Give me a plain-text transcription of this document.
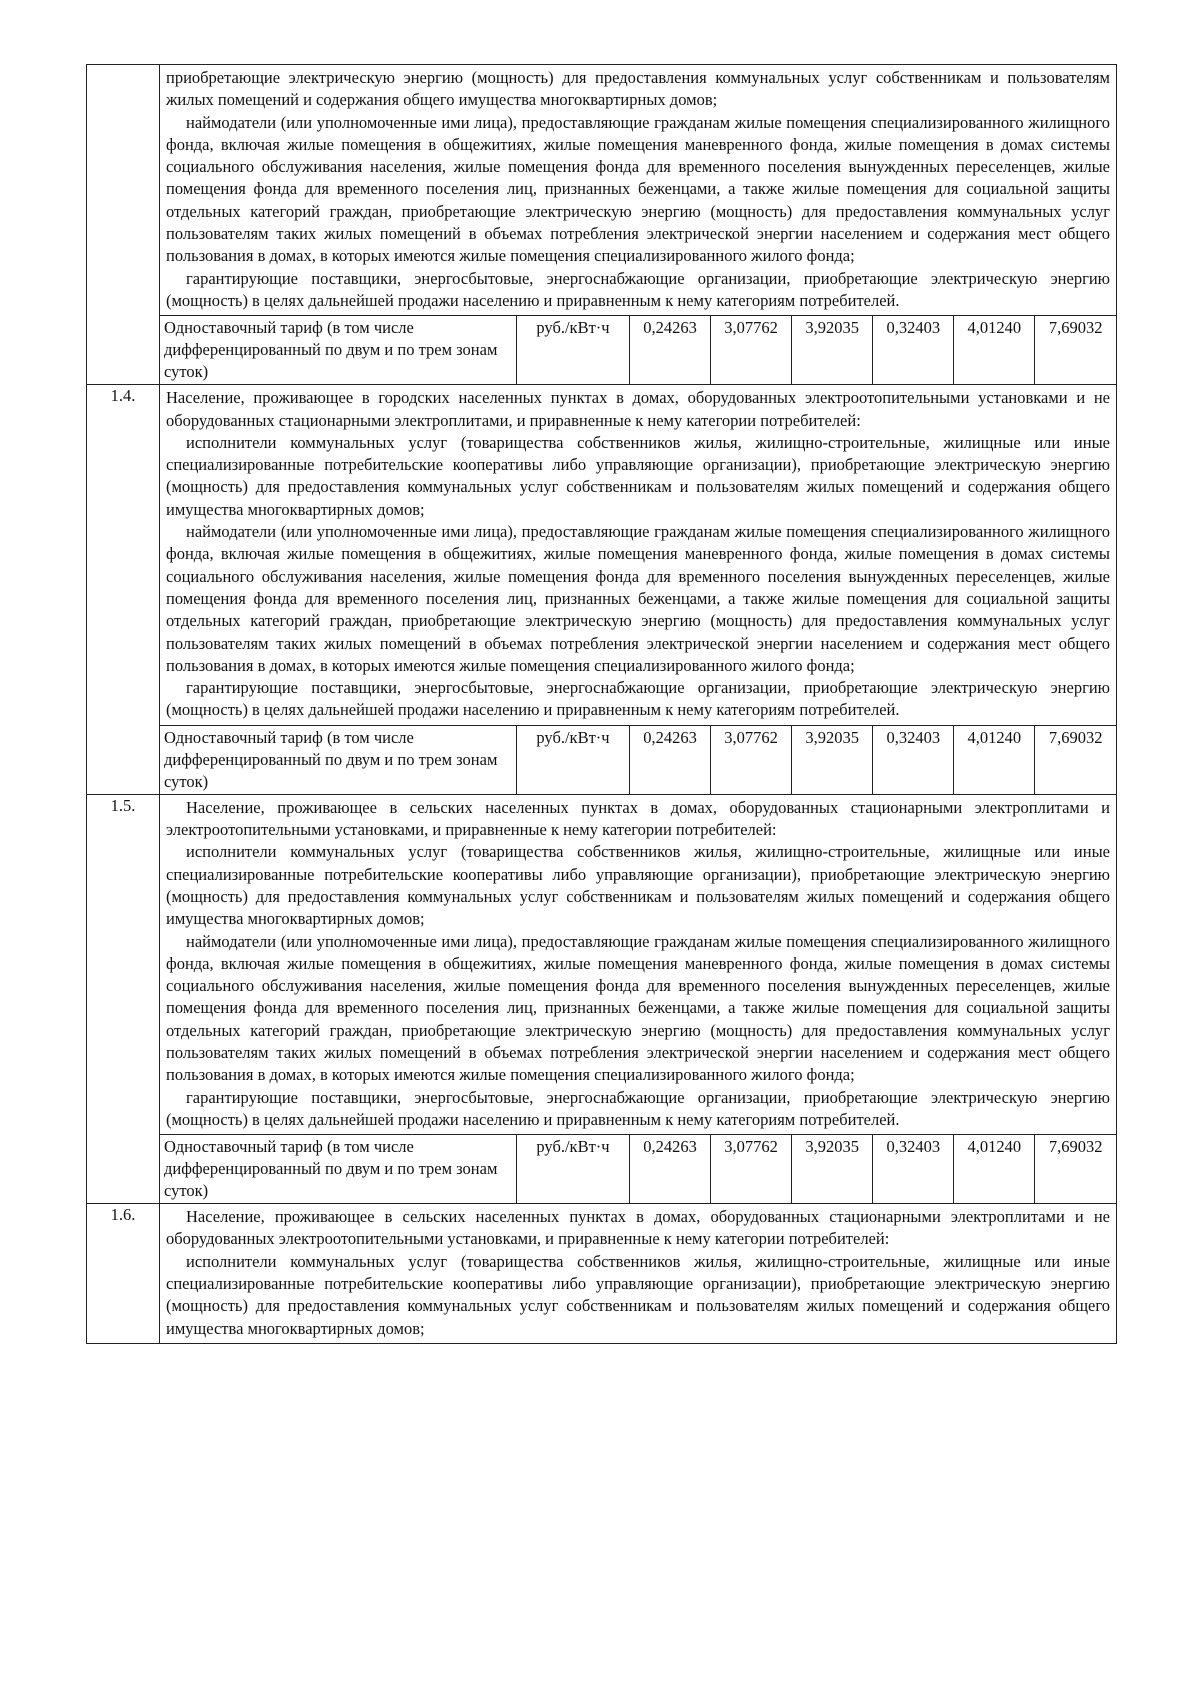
приобретающие электрическую энергию (мощность) для предоставления коммунальных услуг собственникам и пользователям жилых помещений и содержания общего имущества многоквартирных домов;

наймодатели (или уполномоченные ими лица), предоставляющие гражданам жилые помещения специализированного жилищного фонда, включая жилые помещения в общежитиях, жилые помещения маневренного фонда, жилые помещения в домах системы социального обслуживания населения, жилые помещения фонда для временного поселения вынужденных переселенцев, жилые помещения фонда для временного поселения лиц, признанных беженцами, а также жилые помещения для социальной защиты отдельных категорий граждан, приобретающие электрическую энергию (мощность) для предоставления коммунальных услуг пользователям таких жилых помещений в объемах потребления электрической энергии населением и содержания мест общего пользования в домах, в которых имеются жилые помещения специализированного жилого фонда;

гарантирующие поставщики, энергосбытовые, энергоснабжающие организации, приобретающие электрическую энергию (мощность) в целях дальнейшей продажи населению и приравненным к нему категориям потребителей.

Одноставочный тариф (в том числе дифференцированный по двум и по трем зонам суток)	руб./кВт·ч	0,24263	3,07762	3,92035	0,32403	4,01240	7,69032

1.4.	Население, проживающее в городских населенных пунктах в домах, оборудованных электроотопительными установками и не оборудованных стационарными электроплитами, и приравненные к нему категории потребителей:

исполнители коммунальных услуг (товарищества собственников жилья, жилищно-строительные, жилищные или иные специализированные потребительские кооперативы либо управляющие организации), приобретающие электрическую энергию (мощность) для предоставления коммунальных услуг собственникам и пользователям жилых помещений и содержания общего имущества многоквартирных домов;

наймодатели (или уполномоченные ими лица), предоставляющие гражданам жилые помещения специализированного жилищного фонда, включая жилые помещения в общежитиях, жилые помещения маневренного фонда, жилые помещения в домах системы социального обслуживания населения, жилые помещения фонда для временного поселения вынужденных переселенцев, жилые помещения фонда для временного поселения лиц, признанных беженцами, а также жилые помещения для социальной защиты отдельных категорий граждан, приобретающие электрическую энергию (мощность) для предоставления коммунальных услуг пользователям таких жилых помещений в объемах потребления электрической энергии населением и содержания мест общего пользования в домах, в которых имеются жилые помещения специализированного жилого фонда;

гарантирующие поставщики, энергосбытовые, энергоснабжающие организации, приобретающие электрическую энергию (мощность) в целях дальнейшей продажи населению и приравненным к нему категориям потребителей.

Одноставочный тариф (в том числе дифференцированный по двум и по трем зонам суток)	руб./кВт·ч	0,24263	3,07762	3,92035	0,32403	4,01240	7,69032

1.5.	Население, проживающее в сельских населенных пунктах в домах, оборудованных стационарными электроплитами и электроотопительными установками, и приравненные к нему категории потребителей:

исполнители коммунальных услуг (товарищества собственников жилья, жилищно-строительные, жилищные или иные специализированные потребительские кооперативы либо управляющие организации), приобретающие электрическую энергию (мощность) для предоставления коммунальных услуг собственникам и пользователям жилых помещений и содержания общего имущества многоквартирных домов;

наймодатели (или уполномоченные ими лица), предоставляющие гражданам жилые помещения специализированного жилищного фонда, включая жилые помещения в общежитиях, жилые помещения маневренного фонда, жилые помещения в домах системы социального обслуживания населения, жилые помещения фонда для временного поселения вынужденных переселенцев, жилые помещения фонда для временного поселения лиц, признанных беженцами, а также жилые помещения для социальной защиты отдельных категорий граждан, приобретающие электрическую энергию (мощность) для предоставления коммунальных услуг пользователям таких жилых помещений в объемах потребления электрической энергии населением и содержания мест общего пользования в домах, в которых имеются жилые помещения специализированного жилого фонда;

гарантирующие поставщики, энергосбытовые, энергоснабжающие организации, приобретающие электрическую энергию (мощность) в целях дальнейшей продажи населению и приравненным к нему категориям потребителей.

Одноставочный тариф (в том числе дифференцированный по двум и по трем зонам суток)	руб./кВт·ч	0,24263	3,07762	3,92035	0,32403	4,01240	7,69032

1.6.	Население, проживающее в сельских населенных пунктах в домах, оборудованных стационарными электроплитами и не оборудованных электроотопительными установками, и приравненные к нему категории потребителей:

исполнители коммунальных услуг (товарищества собственников жилья, жилищно-строительные, жилищные или иные специализированные потребительские кооперативы либо управляющие организации), приобретающие электрическую энергию (мощность) для предоставления коммунальных услуг собственникам и пользователям жилых помещений и содержания общего имущества многоквартирных домов;
